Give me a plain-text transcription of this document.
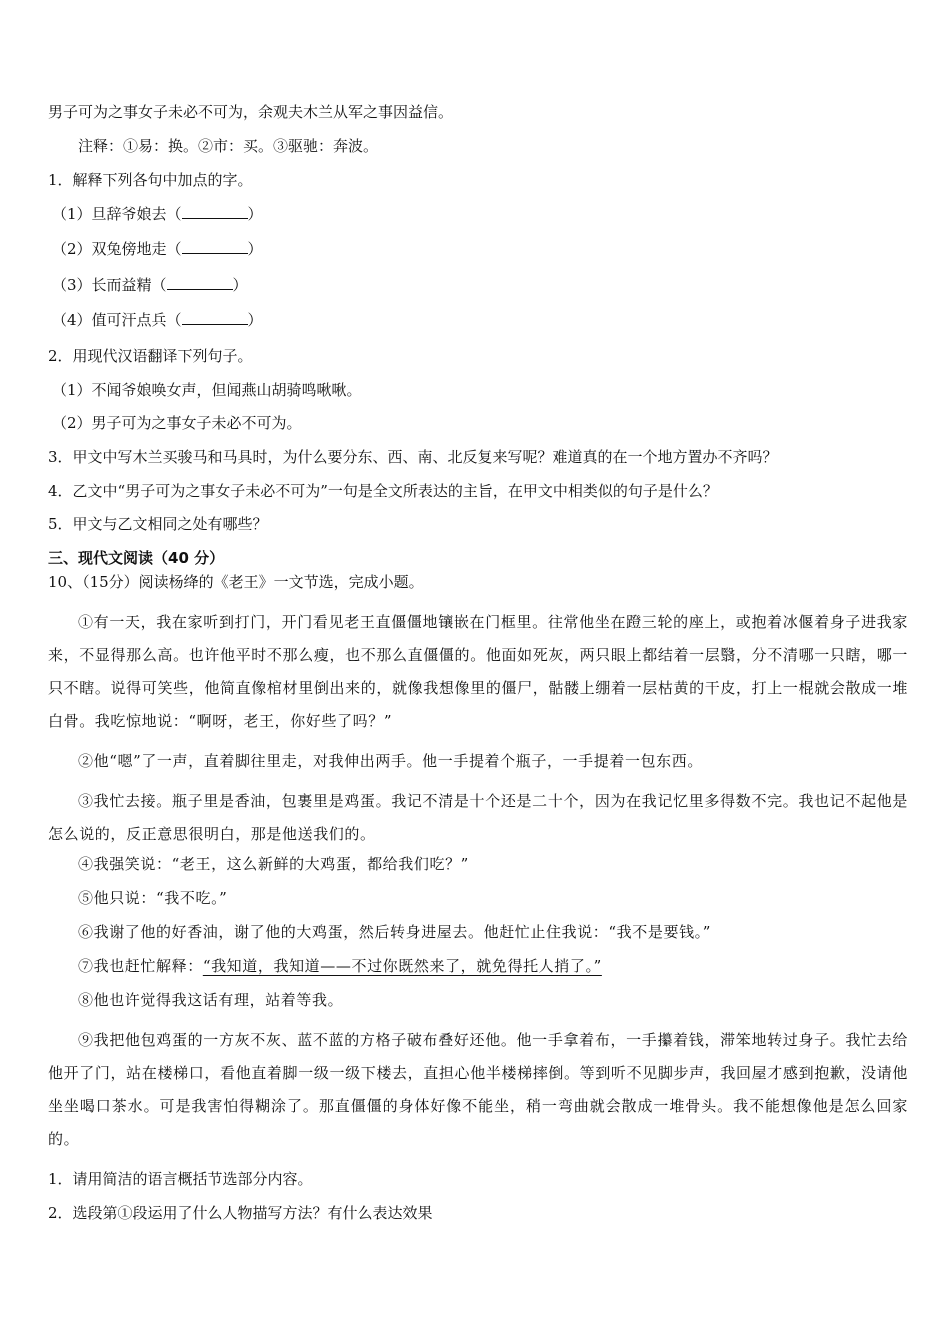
男子可为之事女子未必不可为，余观夫木兰从军之事因益信。
注释：①易：换。②市：买。③驱驰：奔波。
1．解释下列各句中加点的字。
（1）旦辞爷娘去（	）
（2）双兔傍地走（	）
（3）长而益精（	）
（4）值可汗点兵（	）
2．用现代汉语翻译下列句子。
（1）不闻爷娘唤女声，但闻燕山胡骑鸣啾啾。
（2）男子可为之事女子未必不可为。
3．甲文中写木兰买骏马和马具时，为什么要分东、西、南、北反复来写呢？难道真的在一个地方置办不齐吗？
4．乙文中“男子可为之事女子未必不可为”一句是全文所表达的主旨，在甲文中相类似的句子是什么？
5．甲文与乙文相同之处有哪些？
三、现代文阅读（40 分）
10、（15分）阅读杨绛的《老王》一文节选，完成小题。
①有一天，我在家听到打门，开门看见老王直僵僵地镶嵌在门框里。往常他坐在蹬三轮的座上，或抱着冰偃着身子进我家来，不显得那么高。也许他平时不那么瘦，也不那么直僵僵的。他面如死灰，两只眼上都结着一层翳，分不清哪一只瞎，哪一只不瞎。说得可笑些，他简直像棺材里倒出来的，就像我想像里的僵尸，骷髅上绷着一层枯黄的干皮，打上一棍就会散成一堆白骨。我吃惊地说：“啊呀，老王，你好些了吗？”
②他“嗯”了一声，直着脚往里走，对我伸出两手。他一手提着个瓶子，一手提着一包东西。
③我忙去接。瓶子里是香油，包裹里是鸡蛋。我记不清是十个还是二十个，因为在我记忆里多得数不完。我也记不起他是怎么说的，反正意思很明白，那是他送我们的。
④我强笑说：“老王，这么新鲜的大鸡蛋，都给我们吃？”
⑤他只说：“我不吃。”
⑥我谢了他的好香油，谢了他的大鸡蛋，然后转身进屋去。他赶忙止住我说：“我不是要钱。”
⑦我也赶忙解释：“我知道，我知道——不过你既然来了，就免得托人捎了。”
⑧他也许觉得我这话有理，站着等我。
⑨我把他包鸡蛋的一方灰不灰、蓝不蓝的方格子破布叠好还他。他一手拿着布，一手攥着钱，滞笨地转过身子。我忙去给他开了门，站在楼梯口，看他直着脚一级一级下楼去，直担心他半楼梯摔倒。等到听不见脚步声，我回屋才感到抱歉，没请他坐坐喝口茶水。可是我害怕得糊涂了。那直僵僵的身体好像不能坐，稍一弯曲就会散成一堆骨头。我不能想像他是怎么回家的。
1．请用简洁的语言概括节选部分内容。
2．选段第①段运用了什么人物描写方法？有什么表达效果
